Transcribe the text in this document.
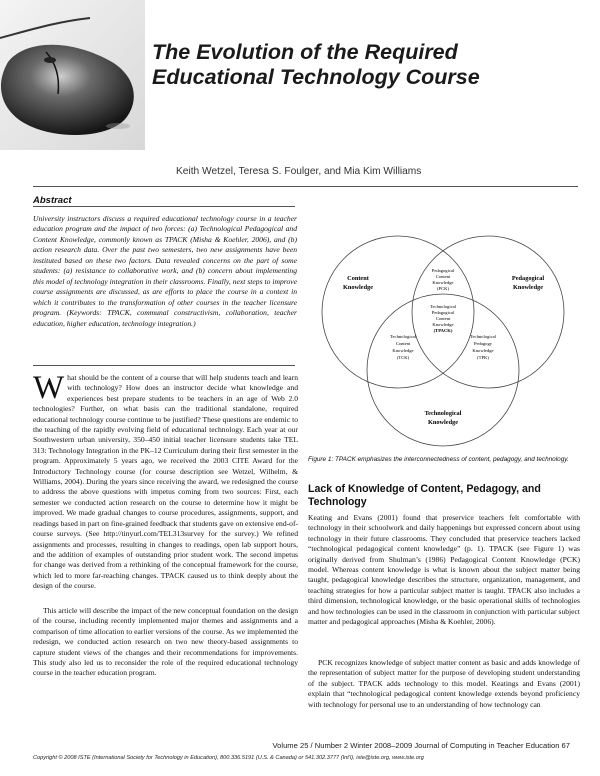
The Evolution of the Required
Educational Technology Course
Keith Wetzel, Teresa S. Foulger, and Mia Kim Williams
Abstract

University instructors discuss a required educational technology course in a teacher education program and the impact of two forces: (a) Technological Pedagogical and Content Knowledge, commonly known as TPACK (Misha & Koehler, 2006), and (b) action research data. Over the past two semesters, two new assignments have been instituted based on these two factors. Data revealed concerns on the part of some students: (a) resistance to collaborative work, and (b) concern about implementing this model of technology integration in their classrooms. Finally, next steps to improve course assignments are discussed, as are efforts to place the course in a context in which it contributes to the transformation of other courses in the teacher licensure program. (Keywords: TPACK, communal constructivism, collaboration, teacher education, higher education, technology integration.)

What should be the content of a course that will help students teach and learn with technology? How does an instructor decide what knowledge and experiences best prepare students to be teachers in an age of Web 2.0 technologies? Further, on what basis can the traditional standalone, required educational technology course continue to be justified? These questions are endemic to the teaching of the rapidly evolving field of educational technology. Each year at our Southwestern urban university, 350–450 initial teacher licensure students take TEL 313: Technology Integration in the PK–12 Curriculum during their first semester in the program. Approximately 5 years ago, we received the 2003 CITE Award for the Introductory Technology course (for course description see Wetzel, Wilhelm, & Williams, 2004). During the years since receiving the award, we redesigned the course to address the above questions with impetus coming from two sources: First, each semester we conducted action research on the course to determine how it might be improved. We made gradual changes to course procedures, assignments, support, and readings based in part on fine-grained feedback that students gave on extensive end-of-course surveys. (See http://tinyurl.com/TEL313survey for the survey.) We refined assignments and processes, resulting in changes to readings, open lab support hours, and the addition of examples of outstanding prior student work. The second impetus for change was derived from a rethinking of the conceptual framework for the course, which led to more far-reaching changes. TPACK caused us to think deeply about the design of the course.

This article will describe the impact of the new conceptual foundation on the design of the course, including recently implemented major themes and assignments and a comparison of time allocation to earlier versions of the course. As we implemented the redesign, we conducted action research on two new theory-based assignments to capture student views of the changes and their recommendations for improvements. This study also led us to reconsider the role of the required educational technology course in the teacher education program.

Content
Knowledge
Pedagogical
Knowledge
Technological
Knowledge
Pedagogical
Content
Knowledge
(PCK)
Technological
Content
Knowledge
(TCK)
Technological
Pedagogy
Knowledge
(TPK)
Technological
Pedagogical
Content
Knowledge
(TPACK)

Figure 1: TPACK emphasizes the interconnectedness of content, pedagogy, and technology.

Lack of Knowledge of Content, Pedagogy, and Technology

Keating and Evans (2001) found that preservice teachers felt comfortable with technology in their schoolwork and daily happenings but expressed concern about using technology in their future classrooms. They concluded that preservice teachers lacked “technological pedagogical content knowledge” (p. 1). TPACK (see Figure 1) was originally derived from Shulman’s (1986) Pedagogical Content Knowledge (PCK) model. Whereas content knowledge is what is known about the subject matter being taught, pedagogical knowledge describes the structure, organization, management, and teaching strategies for how a particular subject matter is taught. TPACK also includes a third dimension, technological knowledge, or the basic operational skills of technologies and how technologies can be used in the classroom in conjunction with particular subject matter and pedagogical approaches (Misha & Koehler, 2006).

PCK recognizes knowledge of subject matter content as basic and adds knowledge of the representation of subject matter for the purpose of developing student understanding of the subject. TPACK adds technology to this model. Keatings and Evans (2001) explain that “technological pedagogical content knowledge extends beyond proficiency with technology for personal use to an understanding of how technology can

Volume 25 / Number 2 Winter 2008–2009 Journal of Computing in Teacher Education 67
Copyright © 2008 ISTE (International Society for Technology in Education), 800.336.5191 (U.S. & Canada) or 541.302.3777 (Int’l), iste@iste.org, www.iste.org
